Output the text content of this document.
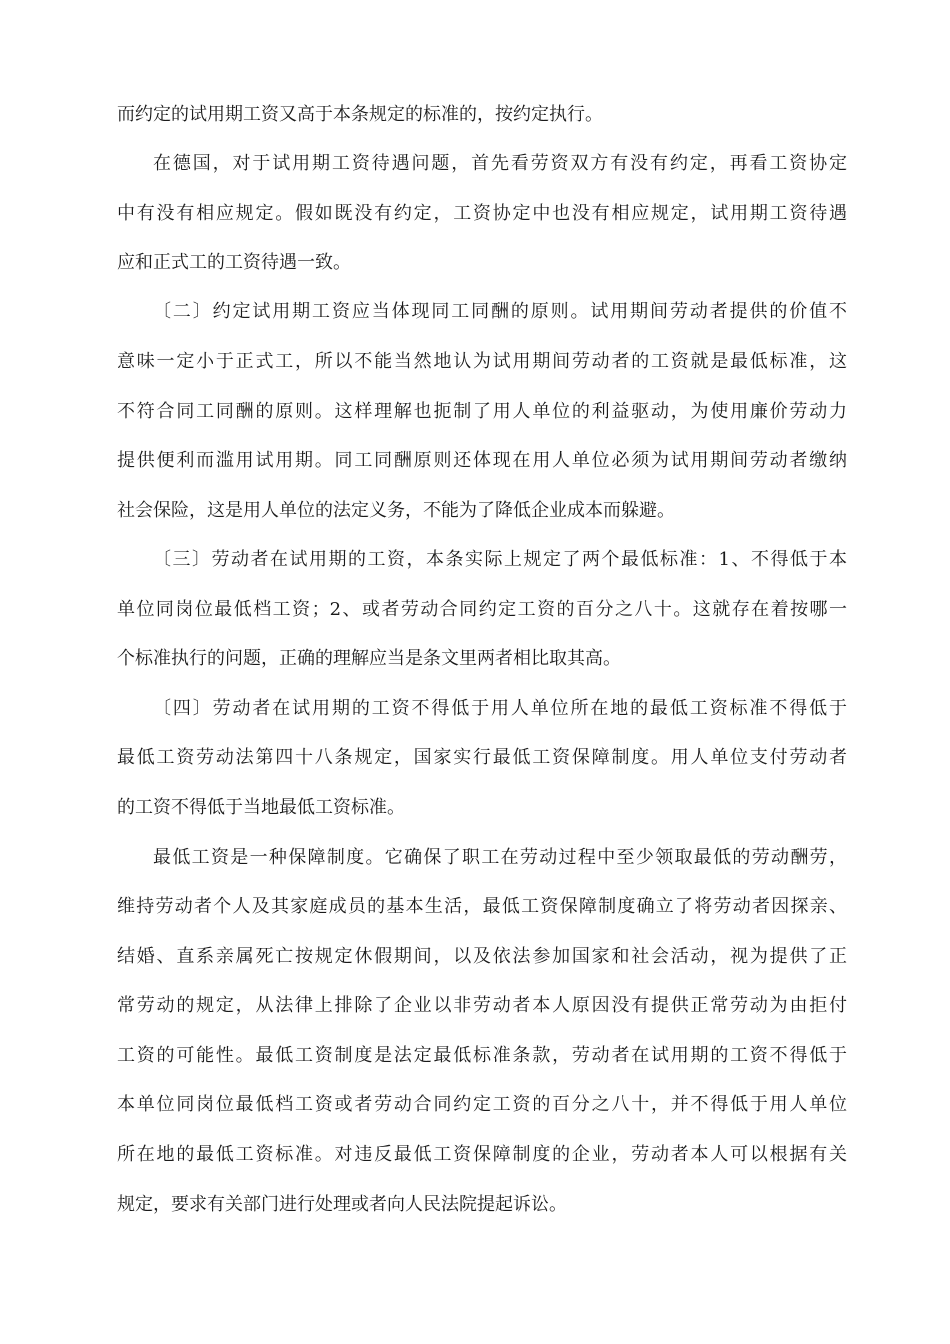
而约定的试用期工资又高于本条规定的标准的，按约定执行。

在德国，对于试用期工资待遇问题，首先看劳资双方有没有约定，再看工资协定

中有没有相应规定。假如既没有约定，工资协定中也没有相应规定，试用期工资待遇

应和正式工的工资待遇一致。

〔二〕约定试用期工资应当体现同工同酬的原则。试用期间劳动者提供的价值不

意味一定小于正式工，所以不能当然地认为试用期间劳动者的工资就是最低标准，这

不符合同工同酬的原则。这样理解也扼制了用人单位的利益驱动，为使用廉价劳动力

提供便利而滥用试用期。同工同酬原则还体现在用人单位必须为试用期间劳动者缴纳

社会保险，这是用人单位的法定义务，不能为了降低企业成本而躲避。

〔三〕劳动者在试用期的工资，本条实际上规定了两个最低标准：1、不得低于本

单位同岗位最低档工资；2、或者劳动合同约定工资的百分之八十。这就存在着按哪一

个标准执行的问题，正确的理解应当是条文里两者相比取其高。

〔四〕劳动者在试用期的工资不得低于用人单位所在地的最低工资标准不得低于

最低工资劳动法第四十八条规定，国家实行最低工资保障制度。用人单位支付劳动者

的工资不得低于当地最低工资标准。

最低工资是一种保障制度。它确保了职工在劳动过程中至少领取最低的劳动酬劳，

维持劳动者个人及其家庭成员的基本生活，最低工资保障制度确立了将劳动者因探亲、

结婚、直系亲属死亡按规定休假期间，以及依法参加国家和社会活动，视为提供了正

常劳动的规定，从法律上排除了企业以非劳动者本人原因没有提供正常劳动为由拒付

工资的可能性。最低工资制度是法定最低标准条款，劳动者在试用期的工资不得低于

本单位同岗位最低档工资或者劳动合同约定工资的百分之八十，并不得低于用人单位

所在地的最低工资标准。对违反最低工资保障制度的企业，劳动者本人可以根据有关

规定，要求有关部门进行处理或者向人民法院提起诉讼。
